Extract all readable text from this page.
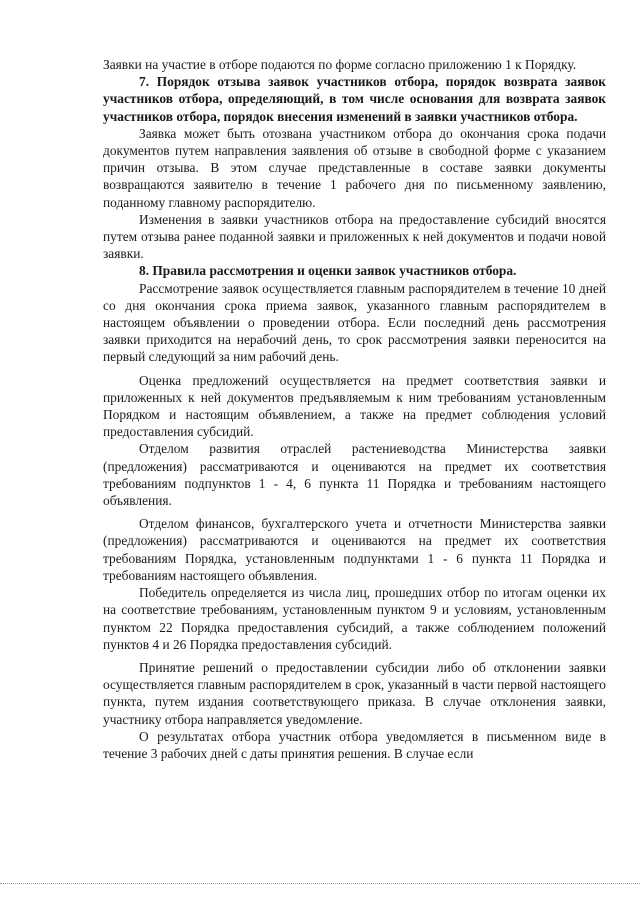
Заявки на участие в отборе подаются по форме согласно приложению 1 к Порядку.

7. Порядок отзыва заявок участников отбора, порядок возврата заявок участников отбора, определяющий, в том числе основания для возврата заявок участников отбора, порядок внесения изменений в заявки участников отбора.

Заявка может быть отозвана участником отбора до окончания срока подачи документов путем направления заявления об отзыве в свободной форме с указанием причин отзыва. В этом случае представленные в составе заявки документы возвращаются заявителю в течение 1 рабочего дня по письменному заявлению, поданному главному распорядителю.

Изменения в заявки участников отбора на предоставление субсидий вносятся путем отзыва ранее поданной заявки и приложенных к ней документов и подачи новой заявки.

8. Правила рассмотрения и оценки заявок участников отбора.

Рассмотрение заявок осуществляется главным распорядителем в течение 10 дней со дня окончания срока приема заявок, указанного главным распорядителем в настоящем объявлении о проведении отбора. Если последний день рассмотрения заявки приходится на нерабочий день, то срок рассмотрения заявки переносится на первый следующий за ним рабочий день.

Оценка предложений осуществляется на предмет соответствия заявки и приложенных к ней документов предъявляемым к ним требованиям установленным Порядком и настоящим объявлением, а также на предмет соблюдения условий предоставления субсидий.

Отделом развития отраслей растениеводства Министерства заявки (предложения) рассматриваются и оцениваются на предмет их соответствия требованиям подпунктов 1 - 4, 6 пункта 11 Порядка и требованиям настоящего объявления.

Отделом финансов, бухгалтерского учета и отчетности Министерства заявки (предложения) рассматриваются и оцениваются на предмет их соответствия требованиям Порядка, установленным подпунктами 1 - 6 пункта 11 Порядка и требованиям настоящего объявления.

Победитель определяется из числа лиц, прошедших отбор по итогам оценки их на соответствие требованиям, установленным пунктом 9 и условиям, установленным пунктом 22 Порядка предоставления субсидий, а также соблюдением положений пунктов 4 и 26 Порядка предоставления субсидий.

Принятие решений о предоставлении субсидии либо об отклонении заявки осуществляется главным распорядителем в срок, указанный в части первой настоящего пункта, путем издания соответствующего приказа. В случае отклонения заявки, участнику отбора направляется уведомление.

О результатах отбора участник отбора уведомляется в письменном виде в течение 3 рабочих дней с даты принятия решения. В случае если
